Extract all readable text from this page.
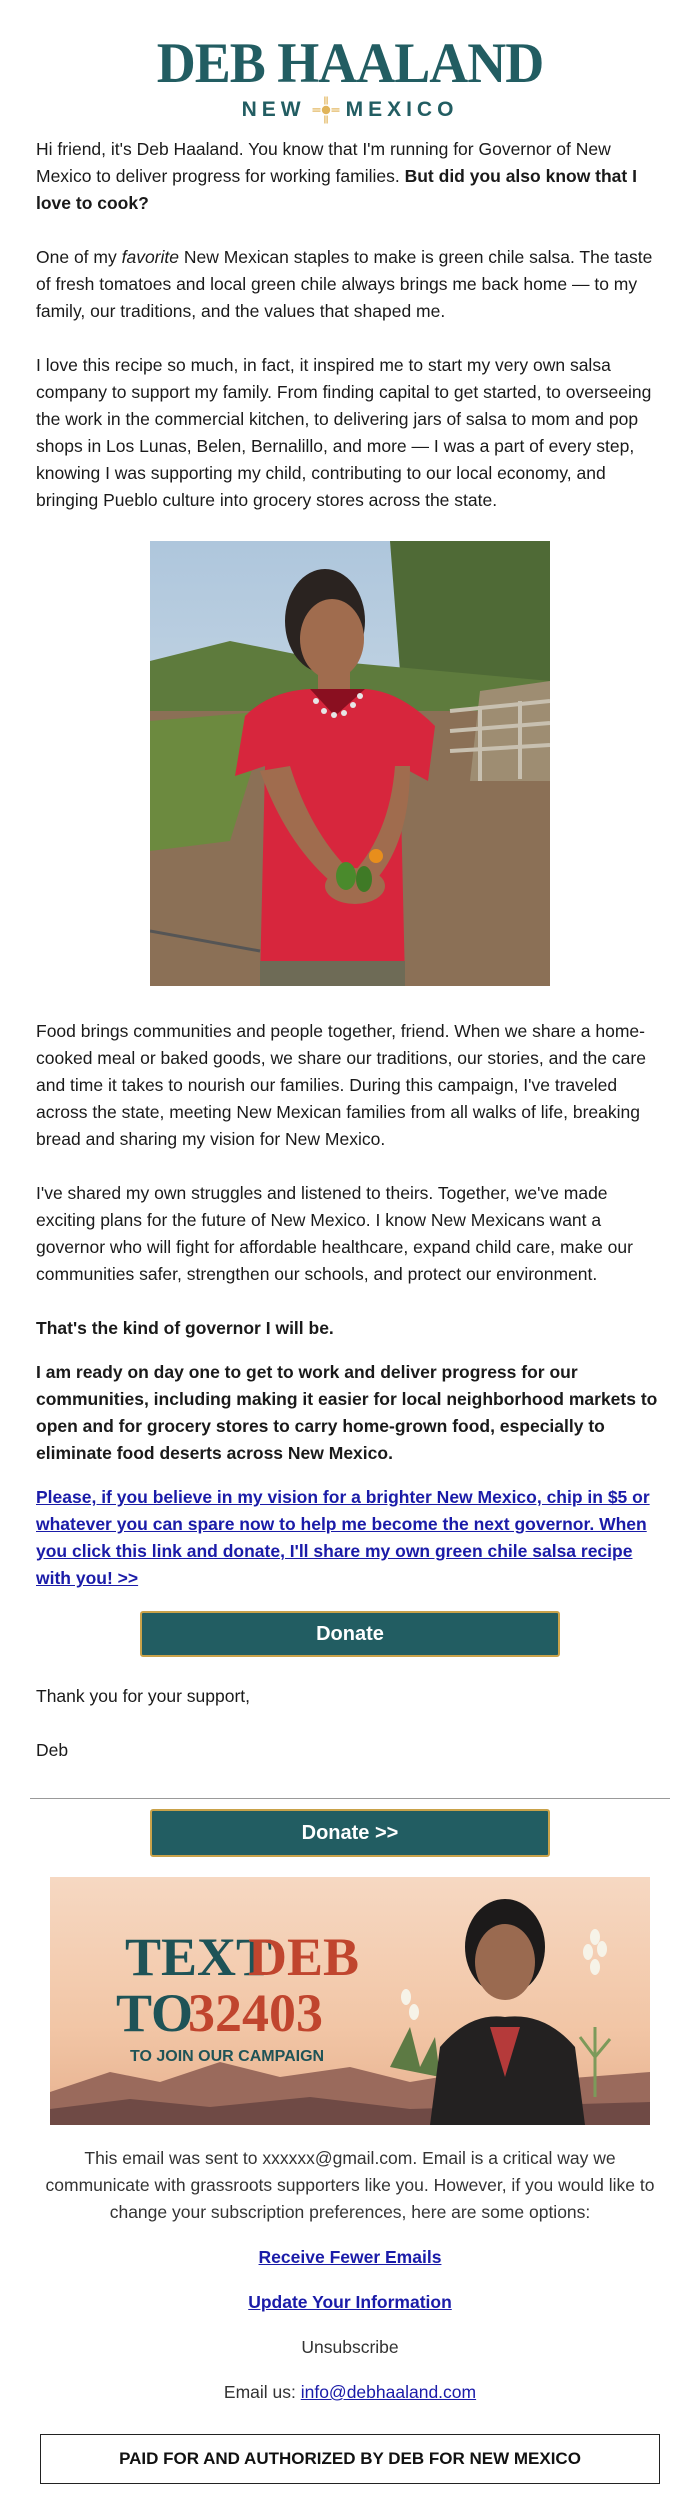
DEB HAALAND
NEW MEXICO

Hi friend, it's Deb Haaland. You know that I'm running for Governor of New Mexico to deliver progress for working families. But did you also know that I love to cook?

One of my favorite New Mexican staples to make is green chile salsa. The taste of fresh tomatoes and local green chile always brings me back home — to my family, our traditions, and the values that shaped me.

I love this recipe so much, in fact, it inspired me to start my very own salsa company to support my family. From finding capital to get started, to overseeing the work in the commercial kitchen, to delivering jars of salsa to mom and pop shops in Los Lunas, Belen, Bernalillo, and more — I was a part of every step, knowing I was supporting my child, contributing to our local economy, and bringing Pueblo culture into grocery stores across the state.

Food brings communities and people together, friend. When we share a home-cooked meal or baked goods, we share our traditions, our stories, and the care and time it takes to nourish our families. During this campaign, I've traveled across the state, meeting New Mexican families from all walks of life, breaking bread and sharing my vision for New Mexico.

I've shared my own struggles and listened to theirs. Together, we've made exciting plans for the future of New Mexico. I know New Mexicans want a governor who will fight for affordable healthcare, expand child care, make our communities safer, strengthen our schools, and protect our environment.

That's the kind of governor I will be.

I am ready on day one to get to work and deliver progress for our communities, including making it easier for local neighborhood markets to open and for grocery stores to carry home-grown food, especially to eliminate food deserts across New Mexico.

Please, if you believe in my vision for a brighter New Mexico, chip in $5 or whatever you can spare now to help me become the next governor. When you click this link and donate, I'll share my own green chile salsa recipe with you! >>

Donate

Thank you for your support,

Deb

Donate >>
TEXT
DEB
TO
32403
TO JOIN OUR CAMPAIGN
This email was sent to xxxxxx@gmail.com. Email is a critical way we communicate with grassroots supporters like you. However, if you would like to change your subscription preferences, here are some options:
Receive Fewer Emails
Update Your Information
Unsubscribe
Email us: info@debhaaland.com
PAID FOR AND AUTHORIZED BY DEB FOR NEW MEXICO
